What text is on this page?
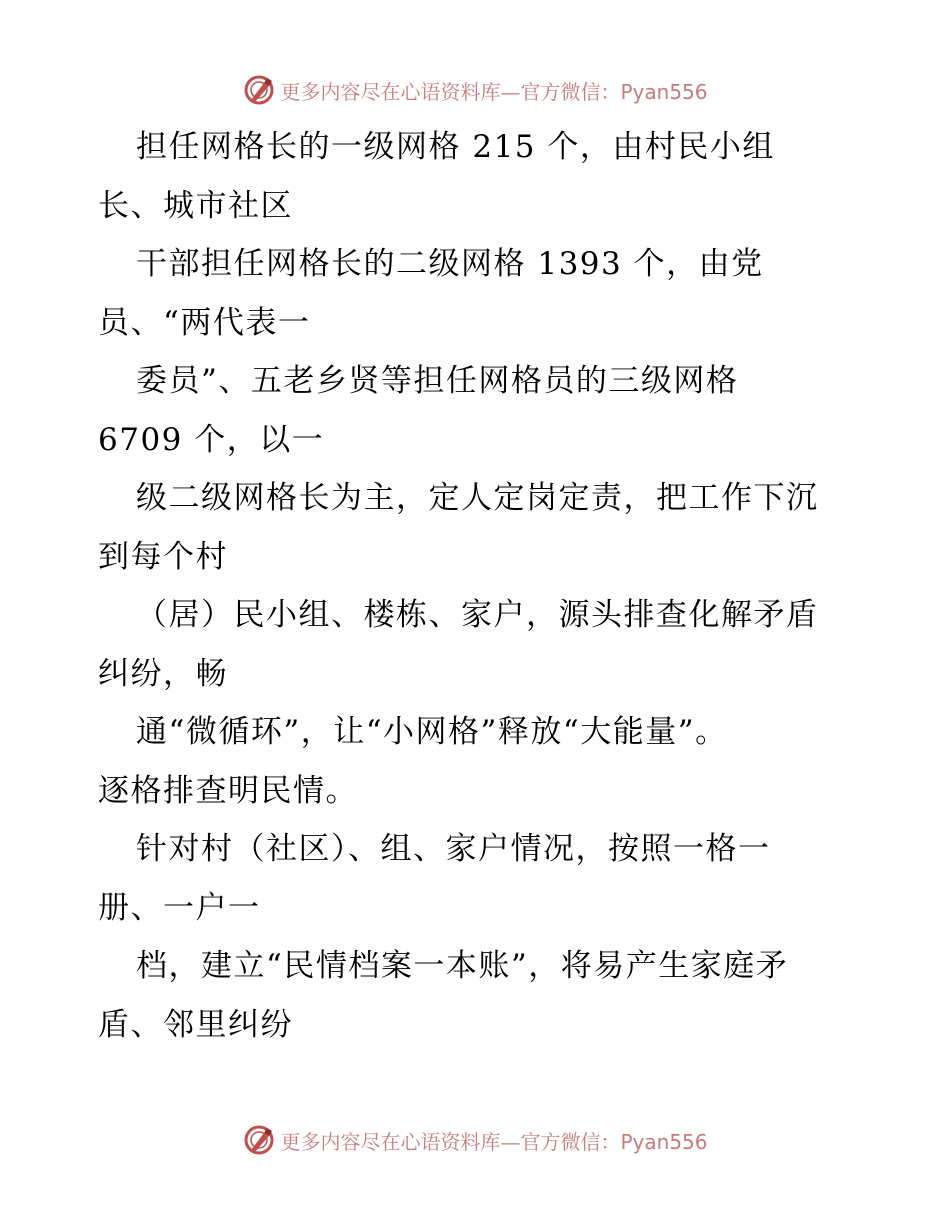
更多内容尽在心语资料库—官方微信：Pyan556
担任网格长的一级网格 215 个，由村民小组
长、城市社区
干部担任网格长的二级网格 1393 个，由党
员、“两代表一
委员”、五老乡贤等担任网格员的三级网格
6709 个，以一
级二级网格长为主，定人定岗定责，把工作下沉
到每个村
（居）民小组、楼栋、家户，源头排查化解矛盾
纠纷，畅
通“微循环”，让“小网格”释放“大能量”。
逐格排查明民情。
针对村（社区）、组、家户情况，按照一格一
册、一户一
档，建立“民情档案一本账”，将易产生家庭矛
盾、邻里纠纷
更多内容尽在心语资料库—官方微信：Pyan556
